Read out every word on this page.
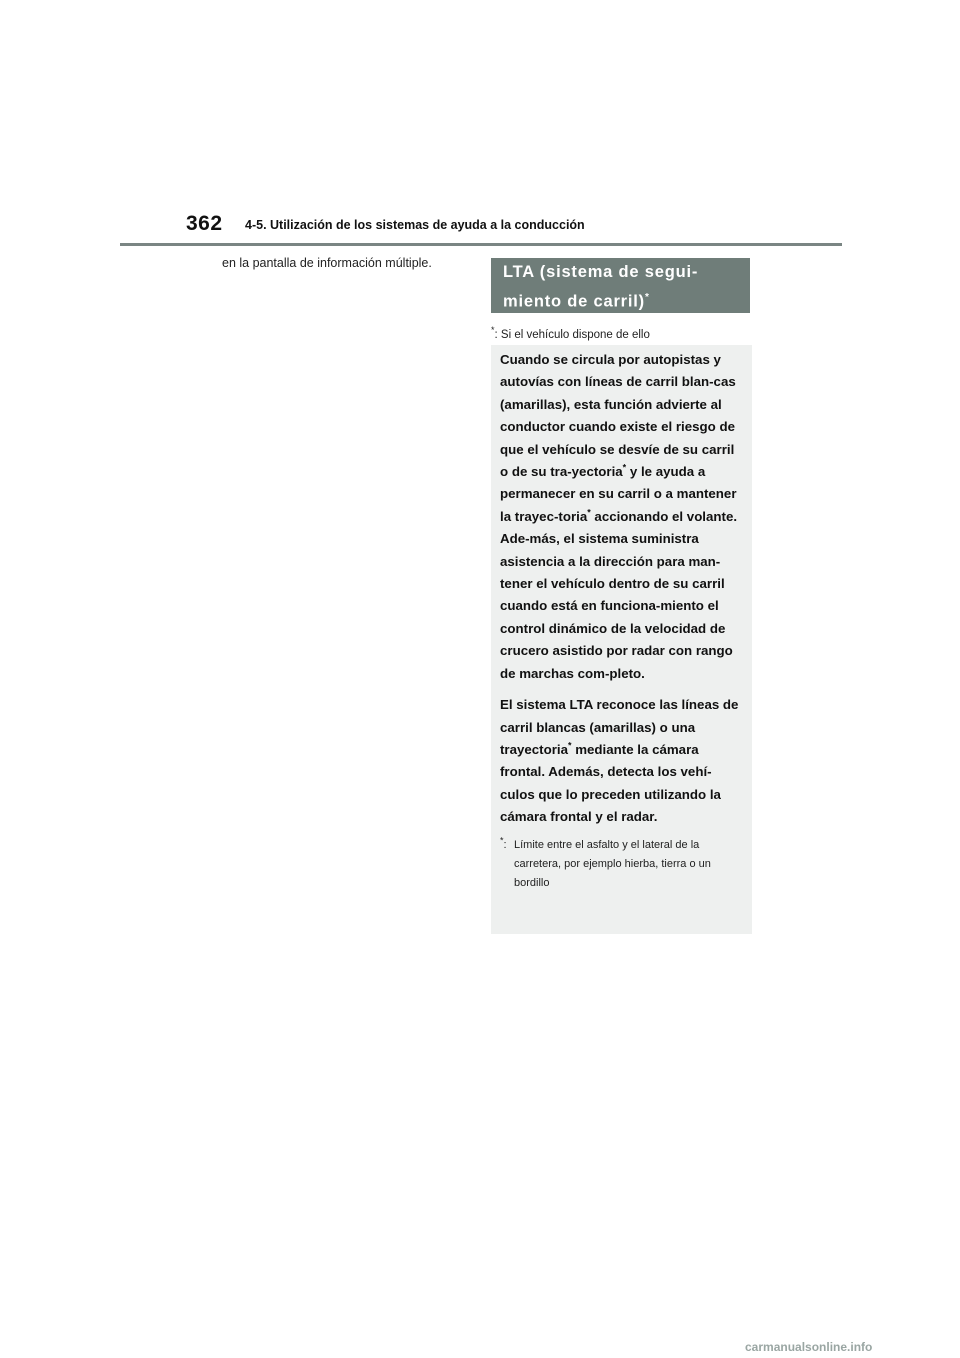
362 4-5. Utilización de los sistemas de ayuda a la conducción
en la pantalla de información múltiple.	LTA (sistema de segui-
miento de carril)*
*: Si el vehículo dispone de ello

Cuando se circula por autopistas y autovías con líneas de carril blan-cas (amarillas), esta función advierte al conductor cuando existe el riesgo de que el vehículo se desvíe de su carril o de su tra-yectoria* y le ayuda a permanecer en su carril o a mantener la trayec-toria* accionando el volante. Ade-más, el sistema suministra asistencia a la dirección para man-tener el vehículo dentro de su carril cuando está en funciona-miento el control dinámico de la velocidad de crucero asistido por radar con rango de marchas com-pleto.

El sistema LTA reconoce las líneas de carril blancas (amarillas) o una trayectoria* mediante la cámara frontal. Además, detecta los vehí-culos que lo preceden utilizando la cámara frontal y el radar.

*: Límite entre el asfalto y el lateral de la carretera, por ejemplo hierba, tierra o un bordillo
carmanualsonline.info
